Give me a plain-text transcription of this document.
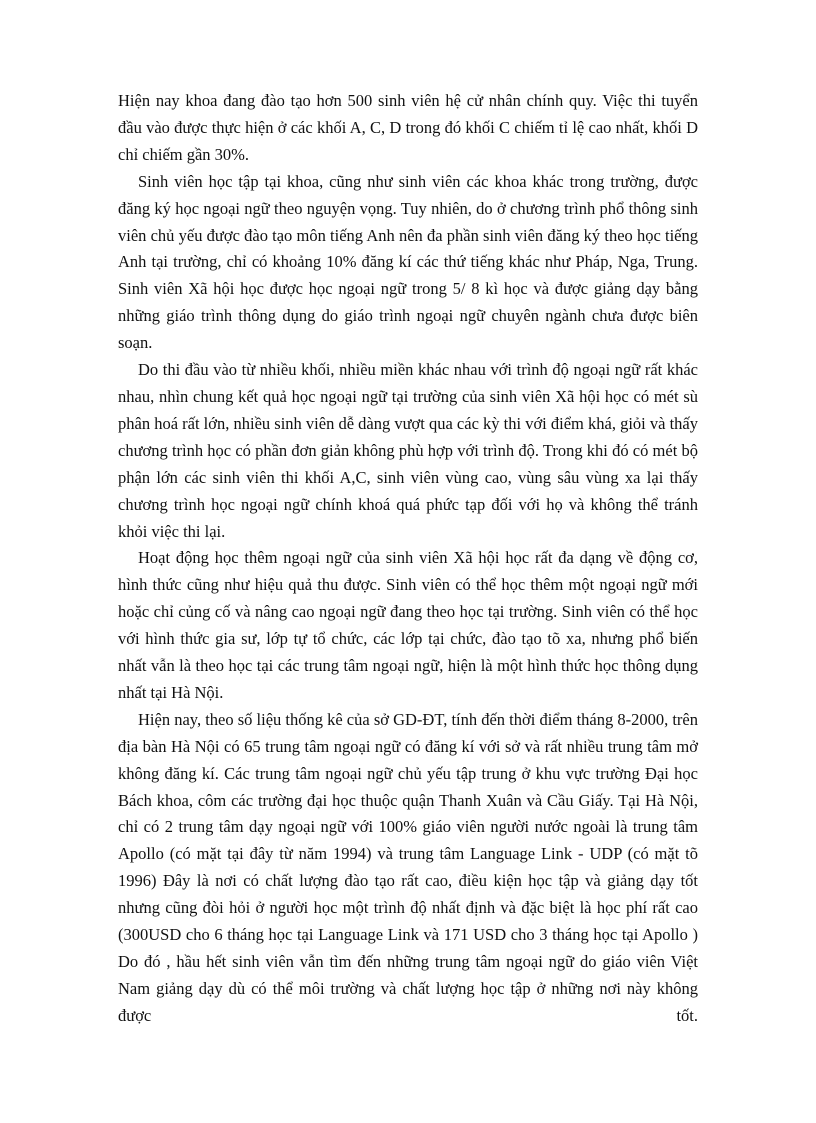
Hiện nay khoa đang đào tạo hơn 500 sinh viên hệ cử nhân chính quy. Việc thi tuyển đầu vào được thực hiện ở các khối A, C, D trong đó khối C chiếm tỉ lệ cao nhất, khối D chỉ chiếm gần 30%.

Sinh viên học tập tại khoa, cũng như sinh viên các khoa khác trong trường, được đăng ký học ngoại ngữ theo nguyện vọng. Tuy nhiên, do ở chương trình phổ thông sinh viên chủ yếu được đào tạo môn tiếng Anh nên đa phần sinh viên đăng ký theo học tiếng Anh tại trường, chỉ có khoảng 10% đăng kí các thứ tiếng khác như Pháp, Nga, Trung. Sinh viên Xã hội học được học ngoại ngữ trong 5/ 8 kì học và được giảng dạy bằng những giáo trình thông dụng do giáo trình ngoại ngữ chuyên ngành chưa được biên soạn.

Do thi đầu vào từ nhiều khối, nhiều miền khác nhau với trình độ ngoại ngữ rất khác nhau, nhìn chung kết quả học ngoại ngữ tại trường của sinh viên Xã hội học có mét sù phân hoá rất lớn, nhiều sinh viên dễ dàng vượt qua các kỳ thi với điểm khá, giỏi và thấy chương trình học có phần đơn giản không phù hợp với trình độ. Trong khi đó có mét bộ phận lớn các sinh viên thi khối A,C, sinh viên vùng cao, vùng sâu vùng xa lại thấy chương trình học ngoại ngữ chính khoá quá phức tạp đối với họ và không thể tránh khỏi việc thi lại.

Hoạt động học thêm ngoại ngữ của sinh viên Xã hội học rất đa dạng về động cơ, hình thức cũng như hiệu quả thu được. Sinh viên có thể học thêm một ngoại ngữ mới hoặc chỉ củng cố và nâng cao ngoại ngữ đang theo học tại trường. Sinh viên có thể học với hình thức gia sư, lớp tự tổ chức, các lớp tại chức, đào tạo tõ xa, nhưng phổ biến nhất vẫn là theo học tại các trung tâm ngoại ngữ, hiện là một hình thức học thông dụng nhất tại Hà Nội.

Hiện nay, theo số liệu thống kê của sở GD-ĐT, tính đến thời điểm tháng 8-2000, trên địa bàn Hà Nội có 65 trung tâm ngoại ngữ có đăng kí với sở và rất nhiều trung tâm mở không đăng kí. Các trung tâm ngoại ngữ chủ yếu tập trung ở khu vực trường Đại học Bách khoa, côm các trường đại học thuộc quận Thanh Xuân và Cầu Giấy. Tại Hà Nội, chỉ có 2 trung tâm dạy ngoại ngữ với 100% giáo viên người nước ngoài là trung tâm Apollo (có mặt tại đây từ năm 1994) và trung tâm Language Link - UDP (có mặt tõ 1996) Đây là nơi có chất lượng đào tạo rất cao, điều kiện học tập và giảng dạy tốt nhưng cũng đòi hỏi ở người học một trình độ nhất định và đặc biệt là học phí rất cao (300USD cho 6 tháng học tại Language Link và 171 USD cho 3 tháng học tại Apollo ) Do đó , hầu hết sinh viên vẫn tìm đến những trung tâm ngoại ngữ do giáo viên Việt Nam giảng dạy dù có thể môi trường và chất lượng học tập ở những nơi này không được tốt.
